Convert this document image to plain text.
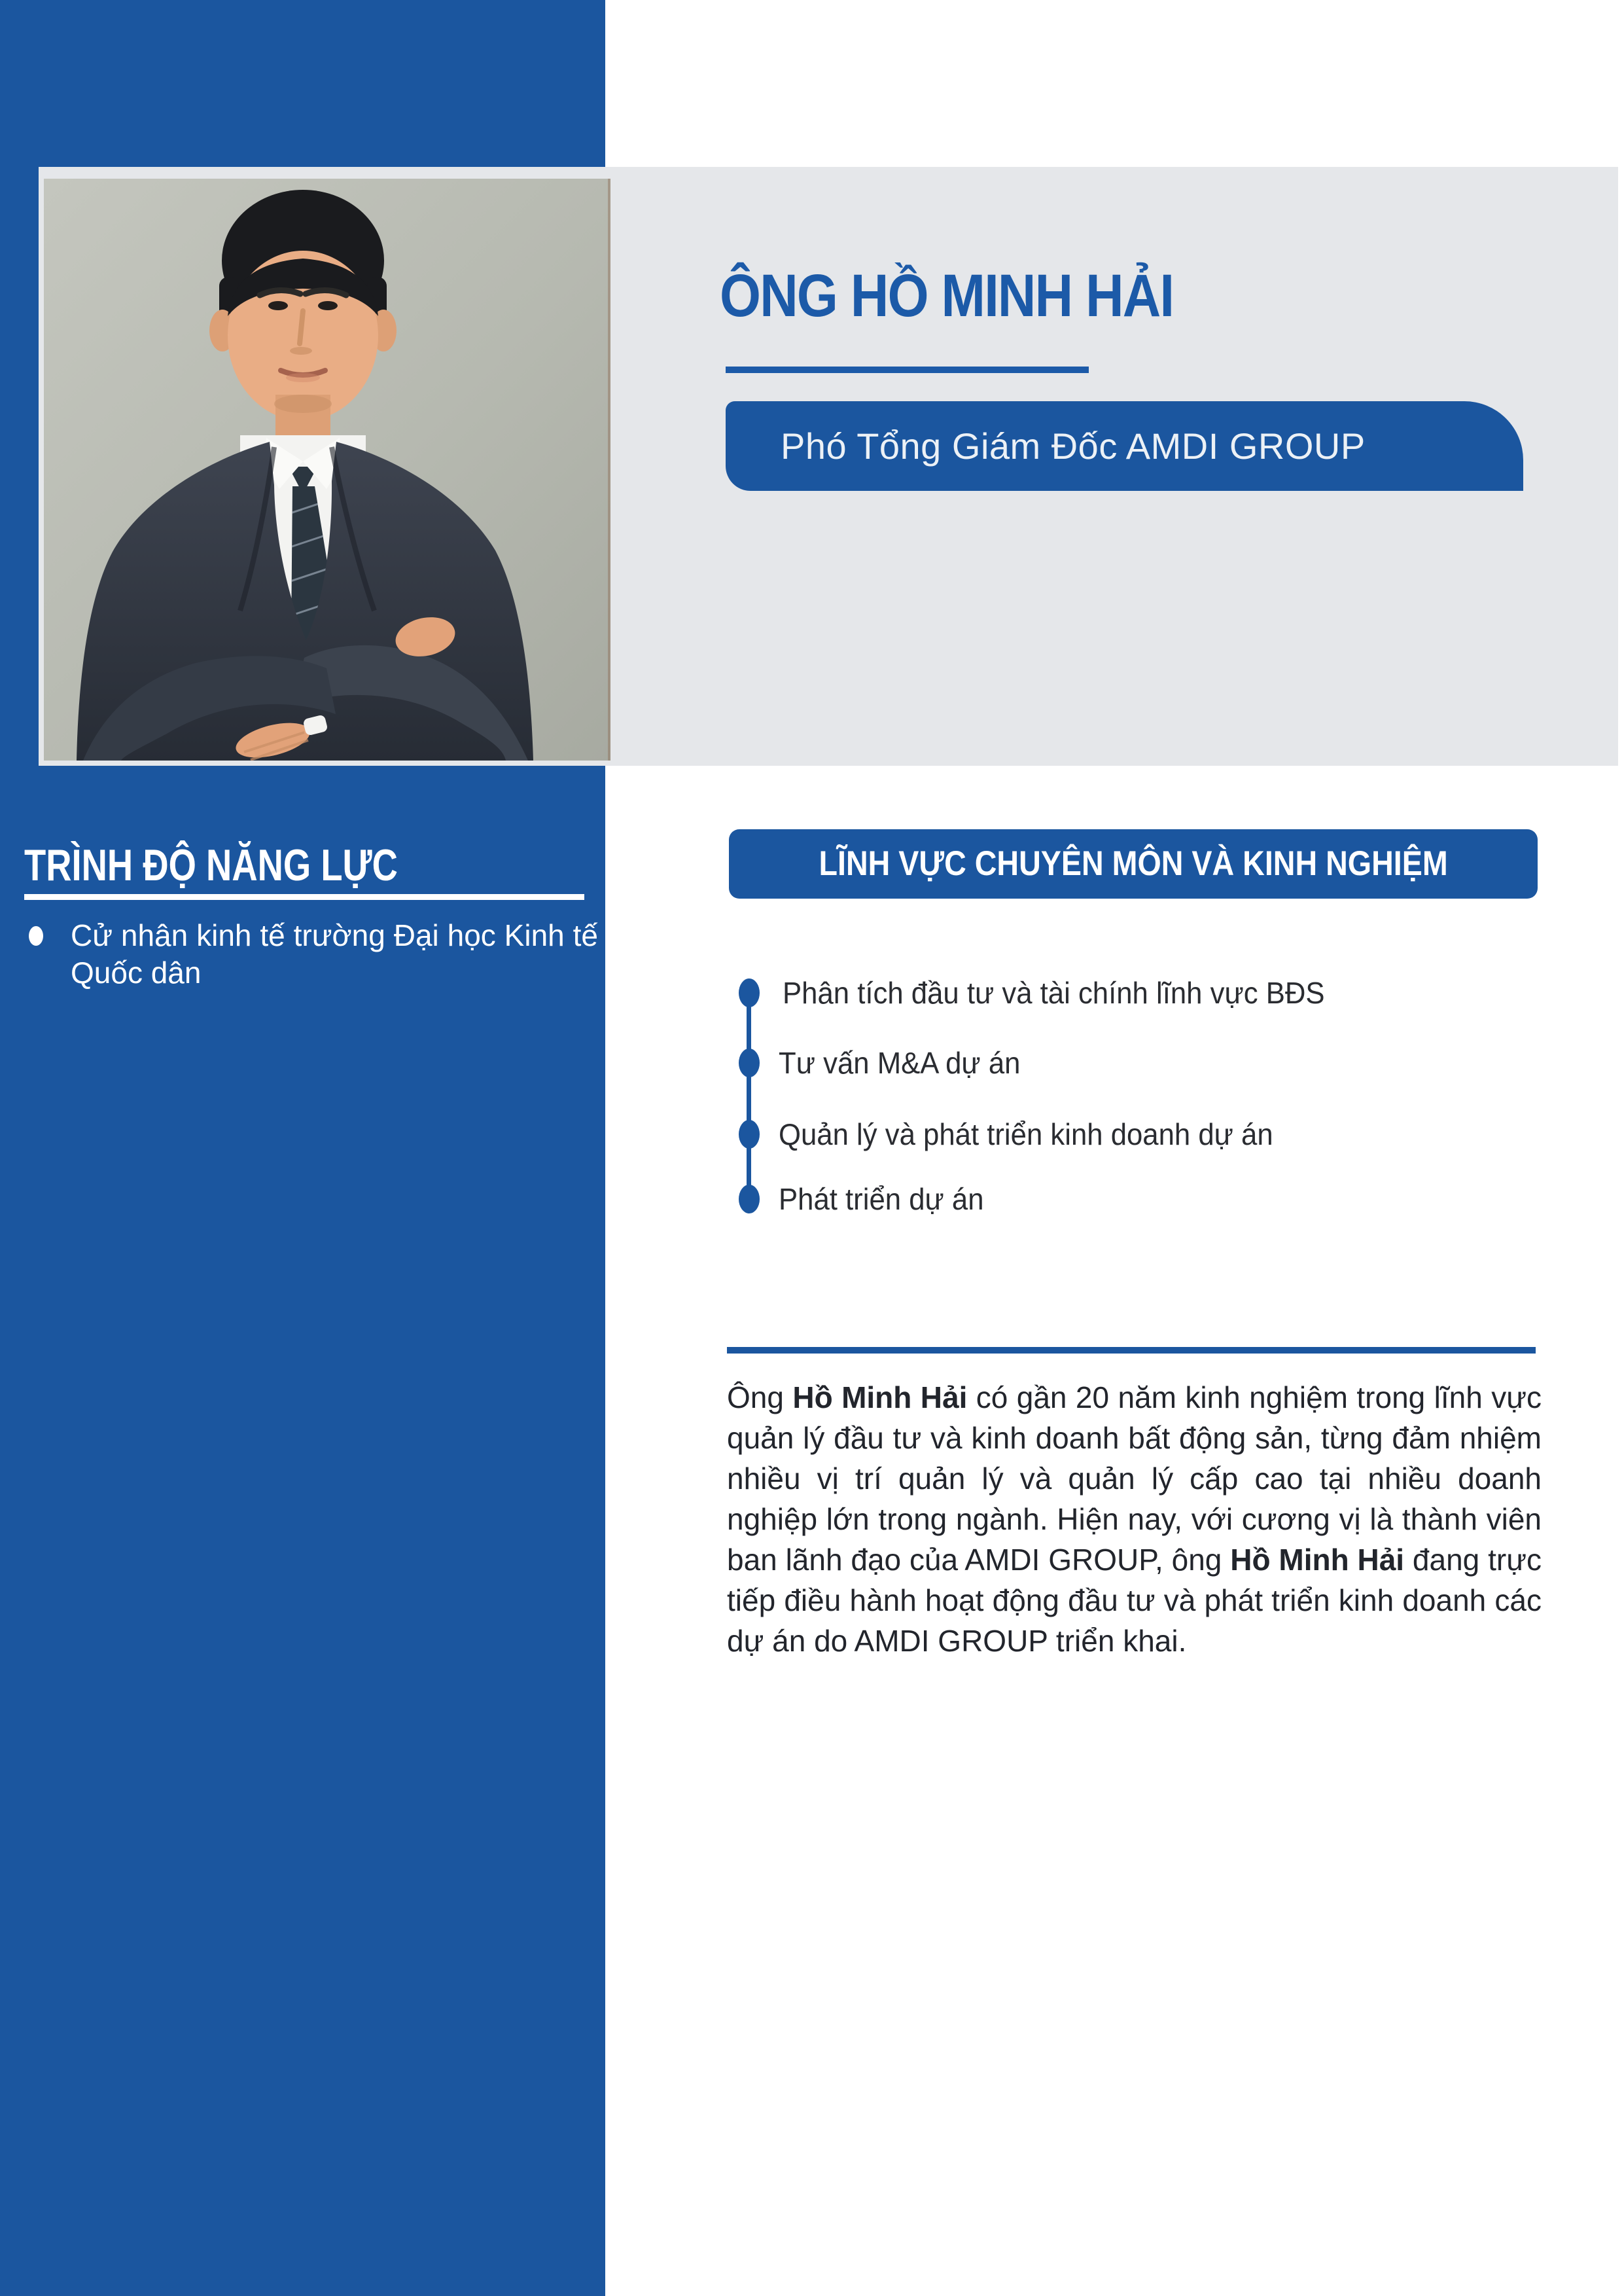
ÔNG HỒ MINH HẢI
Phó Tổng Giám Đốc AMDI GROUP
TRÌNH ĐỘ NĂNG LỰC
Cử nhân kinh tế trường Đại học Kinh tế Quốc dân
LĨNH VỰC CHUYÊN MÔN VÀ KINH NGHIỆM
Phân tích đầu tư và tài chính lĩnh vực BĐS
Tư vấn M&A dự án
Quản lý và phát triển kinh doanh dự án
Phát triển dự án

Ông Hồ Minh Hải có gần 20 năm kinh nghiệm trong lĩnh vực quản lý đầu tư và kinh doanh bất động sản, từng đảm nhiệm nhiều vị trí quản lý và quản lý cấp cao tại nhiều doanh nghiệp lớn trong ngành. Hiện nay, với cương vị là thành viên ban lãnh đạo của AMDI GROUP, ông Hồ Minh Hải đang trực tiếp điều hành hoạt động đầu tư và phát triển kinh doanh các dự án do AMDI GROUP triển khai.
